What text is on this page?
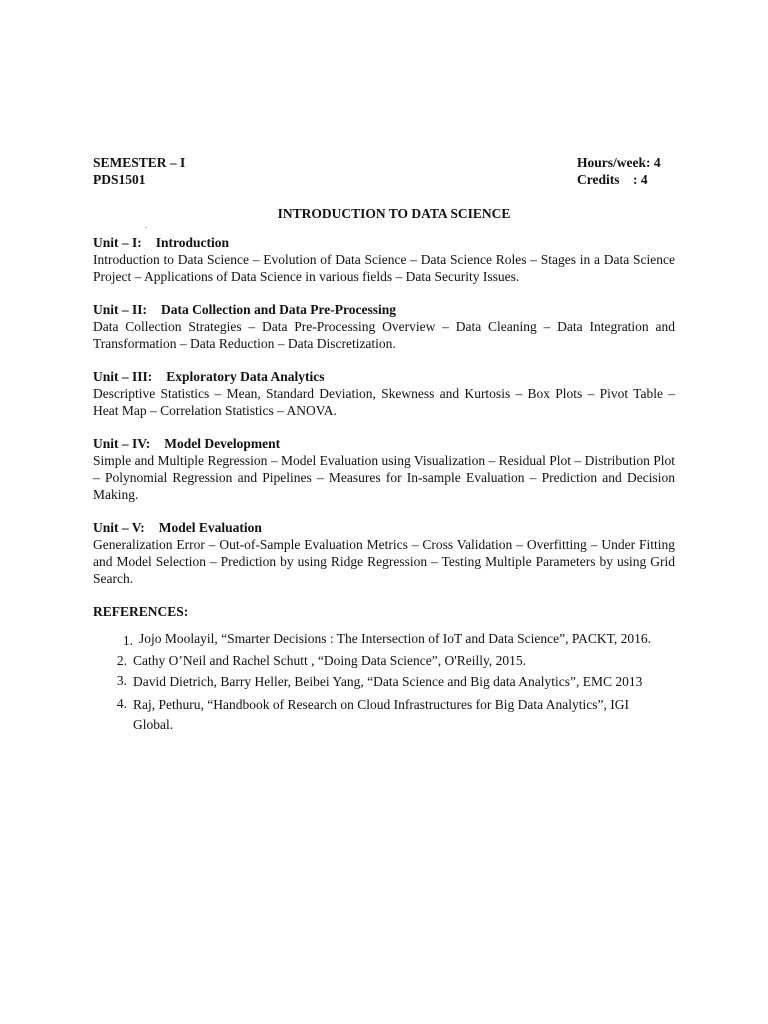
SEMESTER – I
PDS1501
Hours/week: 4
Credits	: 4
INTRODUCTION TO DATA SCIENCE
.
Unit – I: Introduction
Introduction to Data Science – Evolution of Data Science – Data Science Roles – Stages in a Data Science Project – Applications of Data Science in various fields – Data Security Issues.
Unit – II: Data Collection and Data Pre-Processing
Data Collection Strategies – Data Pre-Processing Overview – Data Cleaning – Data Integration and Transformation – Data Reduction – Data Discretization.
Unit – III: Exploratory Data Analytics
Descriptive Statistics – Mean, Standard Deviation, Skewness and Kurtosis – Box Plots – Pivot Table – Heat Map – Correlation Statistics – ANOVA.
Unit – IV: Model Development
Simple and Multiple Regression – Model Evaluation using Visualization – Residual Plot – Distribution Plot – Polynomial Regression and Pipelines – Measures for In-sample Evaluation – Prediction and Decision Making.
Unit – V: Model Evaluation
Generalization Error – Out-of-Sample Evaluation Metrics – Cross Validation – Overfitting – Under Fitting and Model Selection – Prediction by using Ridge Regression – Testing Multiple Parameters by using Grid Search.
REFERENCES:
1. Jojo Moolayil, “Smarter Decisions : The Intersection of IoT and Data Science”, PACKT, 2016.
2. Cathy O’Neil and Rachel Schutt , “Doing Data Science”, O'Reilly, 2015.
3. David Dietrich, Barry Heller, Beibei Yang, “Data Science and Big data Analytics”, EMC 2013
4. Raj, Pethuru, “Handbook of Research on Cloud Infrastructures for Big Data Analytics”, IGI Global.
